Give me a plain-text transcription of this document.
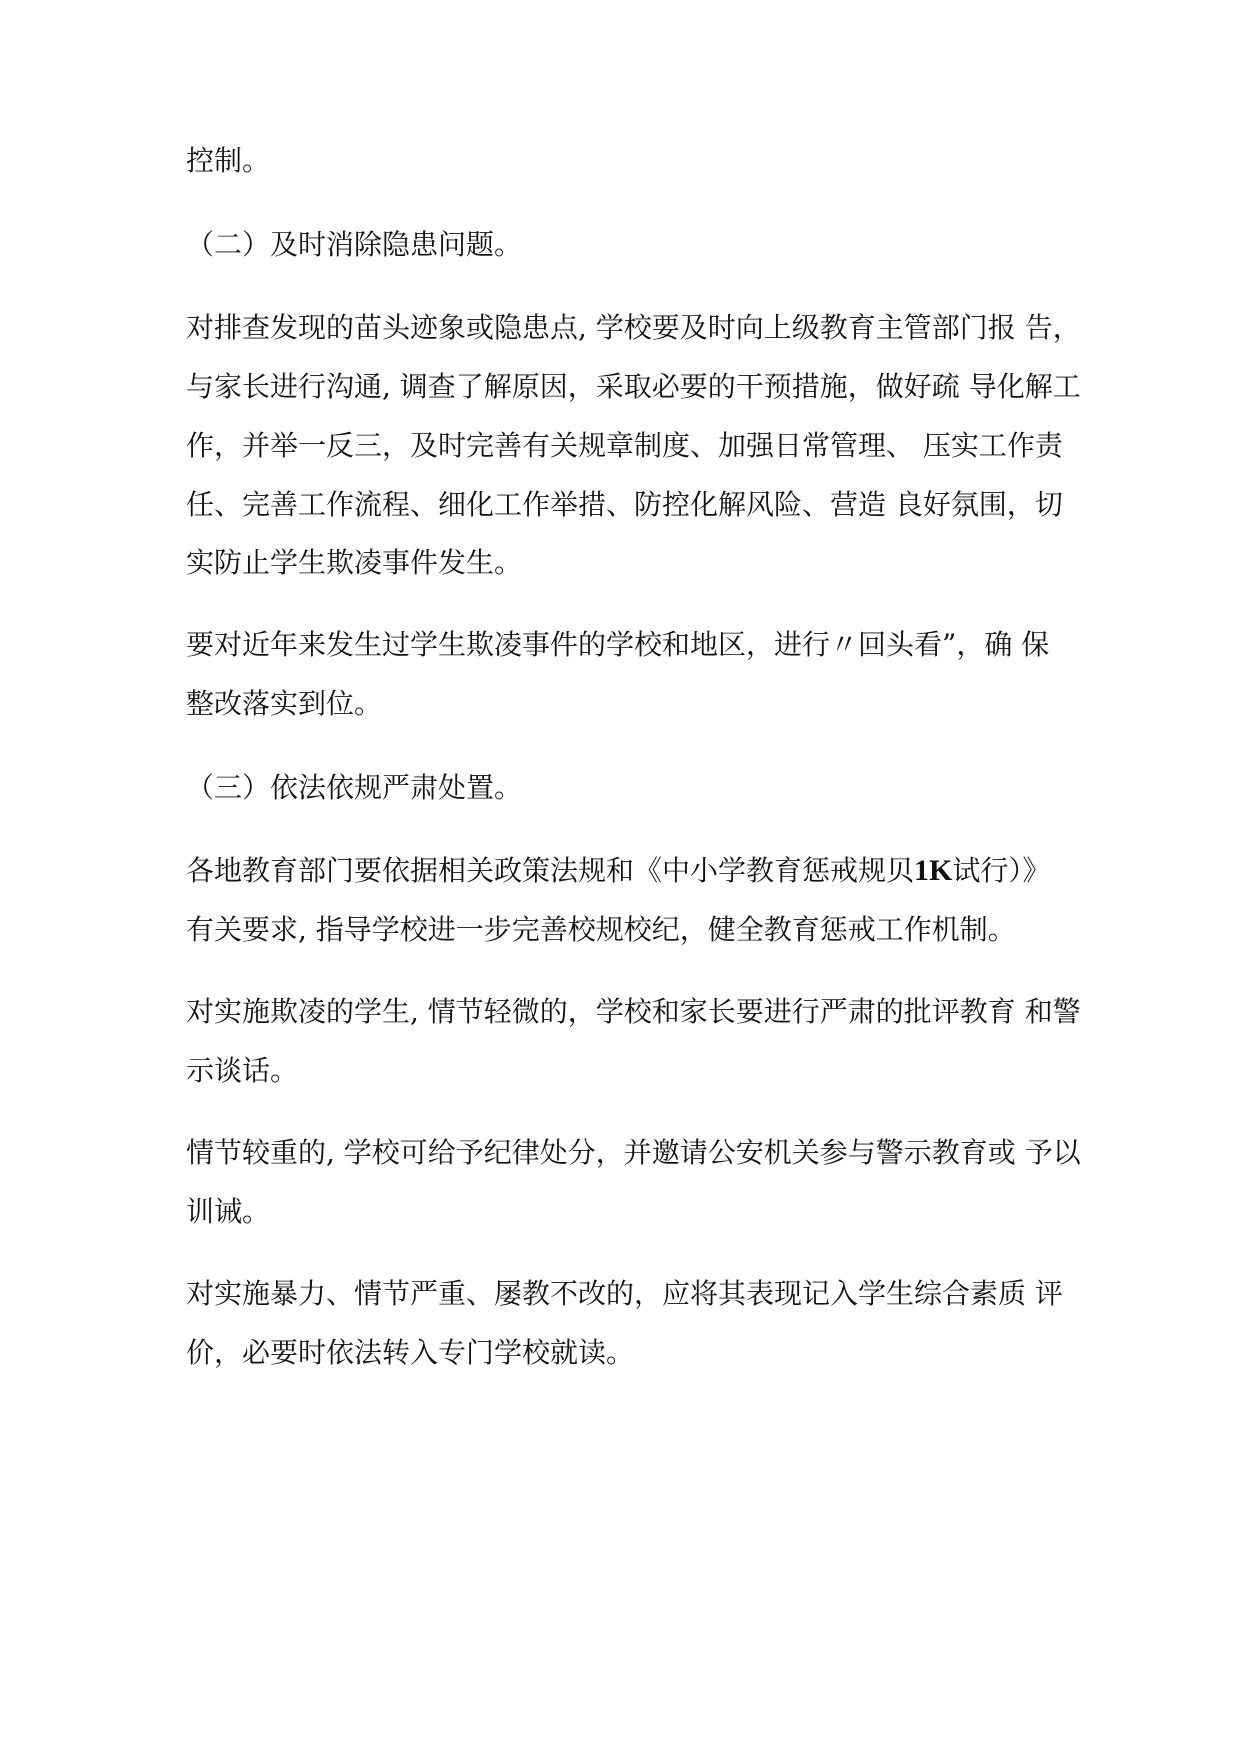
控制。
（二）及时消除隐患问题。
对排查发现的苗头迹象或隐患点, 学校要及时向上级教育主管部门报 告，
与家长进行沟通, 调查了解原因，采取必要的干预措施，做好疏 导化解工
作，并举一反三，及时完善有关规章制度、加强日常管理、 压实工作责
任、完善工作流程、细化工作举措、防控化解风险、营造 良好氛围，切
实防止学生欺凌事件发生。
要对近年来发生过学生欺凌事件的学校和地区，进行〃回头看”，确 保
整改落实到位。
（三）依法依规严肃处置。
各地教育部门要依据相关政策法规和《中小学教育惩戒规贝1K试行）》
有关要求, 指导学校进一步完善校规校纪，健全教育惩戒工作机制。
对实施欺凌的学生, 情节轻微的，学校和家长要进行严肃的批评教育 和警
示谈话。
情节较重的, 学校可给予纪律处分，并邀请公安机关参与警示教育或 予以
训诫。
对实施暴力、情节严重、屡教不改的，应将其表现记入学生综合素质 评
价，必要时依法转入专门学校就读。
